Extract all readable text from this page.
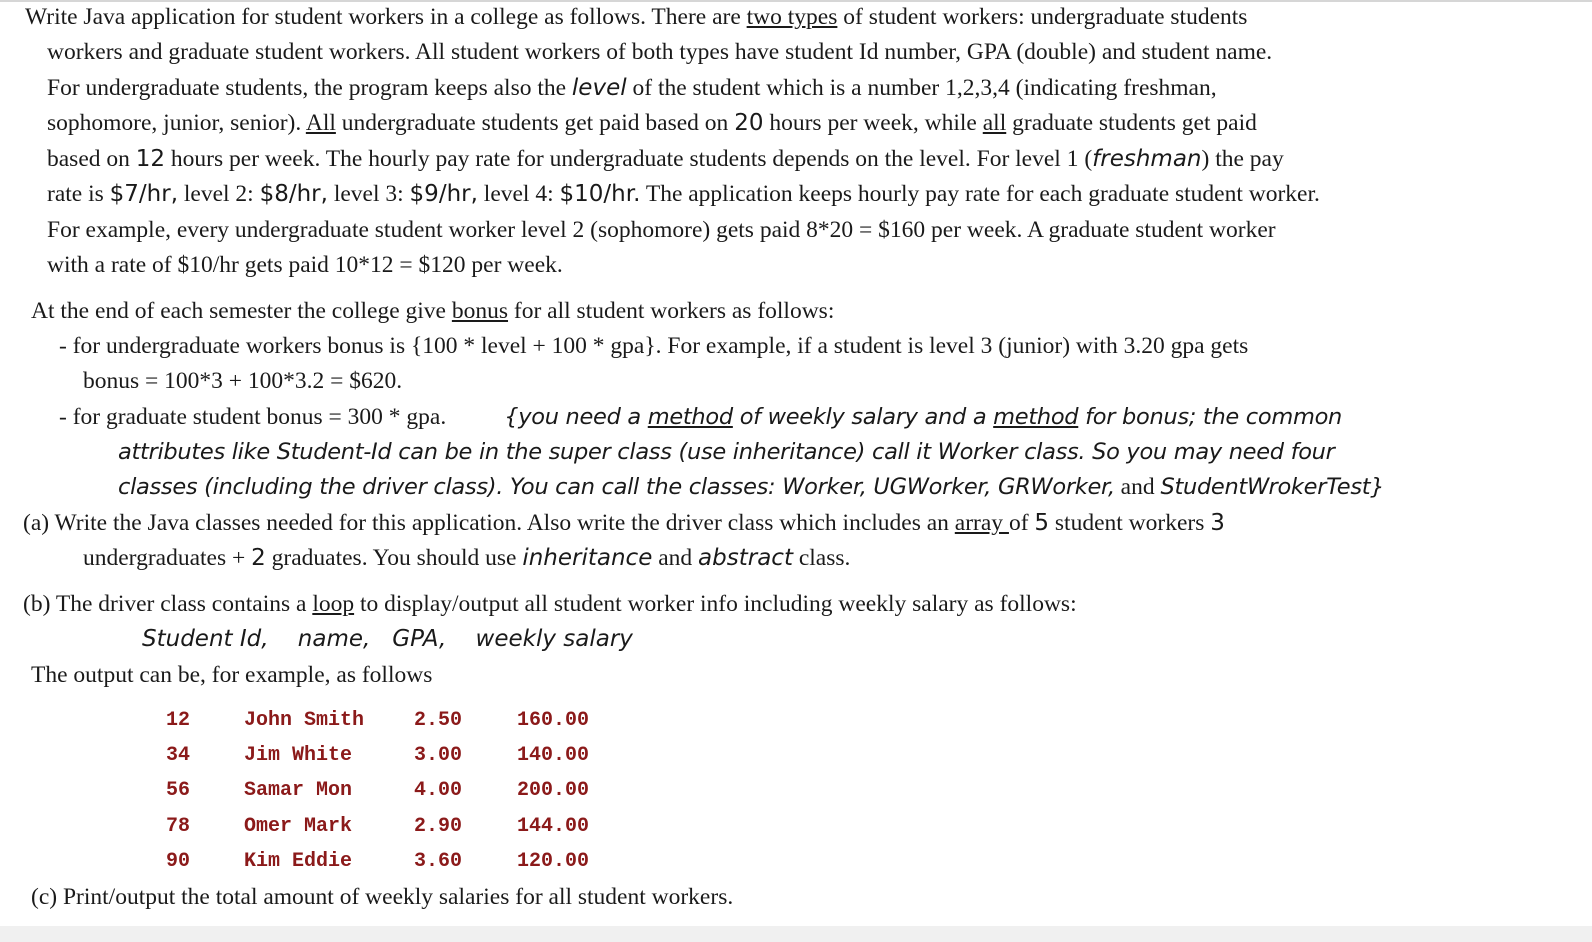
Write Java application for student workers in a college as follows. There are two types of student workers: undergraduate students
workers and graduate student workers. All student workers of both types have student Id number, GPA (double) and student name.
For undergraduate students, the program keeps also the level of the student which is a number 1,2,3,4 (indicating freshman,
sophomore, junior, senior). All undergraduate students get paid based on 20 hours per week, while all graduate students get paid
based on 12 hours per week. The hourly pay rate for undergraduate students depends on the level. For level 1 (freshman) the pay
rate is $7/hr, level 2: $8/hr, level 3: $9/hr, level 4: $10/hr. The application keeps hourly pay rate for each graduate student worker.
For example, every undergraduate student worker level 2 (sophomore) gets paid 8*20 = $160 per week. A graduate student worker
with a rate of $10/hr gets paid 10*12 = $120 per week.
At the end of each semester the college give bonus for all student workers as follows:
- for undergraduate workers bonus is {100 * level + 100 * gpa}. For example, if a student is level 3 (junior) with 3.20 gpa gets
bonus = 100*3 + 100*3.2 = $620.
- for graduate student bonus = 300 * gpa.	{you need a method of weekly salary and a method for bonus; the common
attributes like Student-Id can be in the super class (use inheritance) call it Worker class. So you may need four
classes (including the driver class). You can call the classes: Worker, UGWorker, GRWorker, and StudentWrokerTest}
(a) Write the Java classes needed for this application. Also write the driver class which includes an array of 5 student workers 3
undergraduates + 2 graduates. You should use inheritance and abstract class.
(b) The driver class contains a loop to display/output all student worker info including weekly salary as follows:
Student Id,    name,   GPA,    weekly salary
The output can be, for example, as follows
12	John Smith 2.50	160.00
34	Jim White	3.00	140.00
56	Samar Mon	4.00	200.00
78	Omer Mark	2.90	144.00
90	Kim Eddie	3.60	120.00
(c) Print/output the total amount of weekly salaries for all student workers.
